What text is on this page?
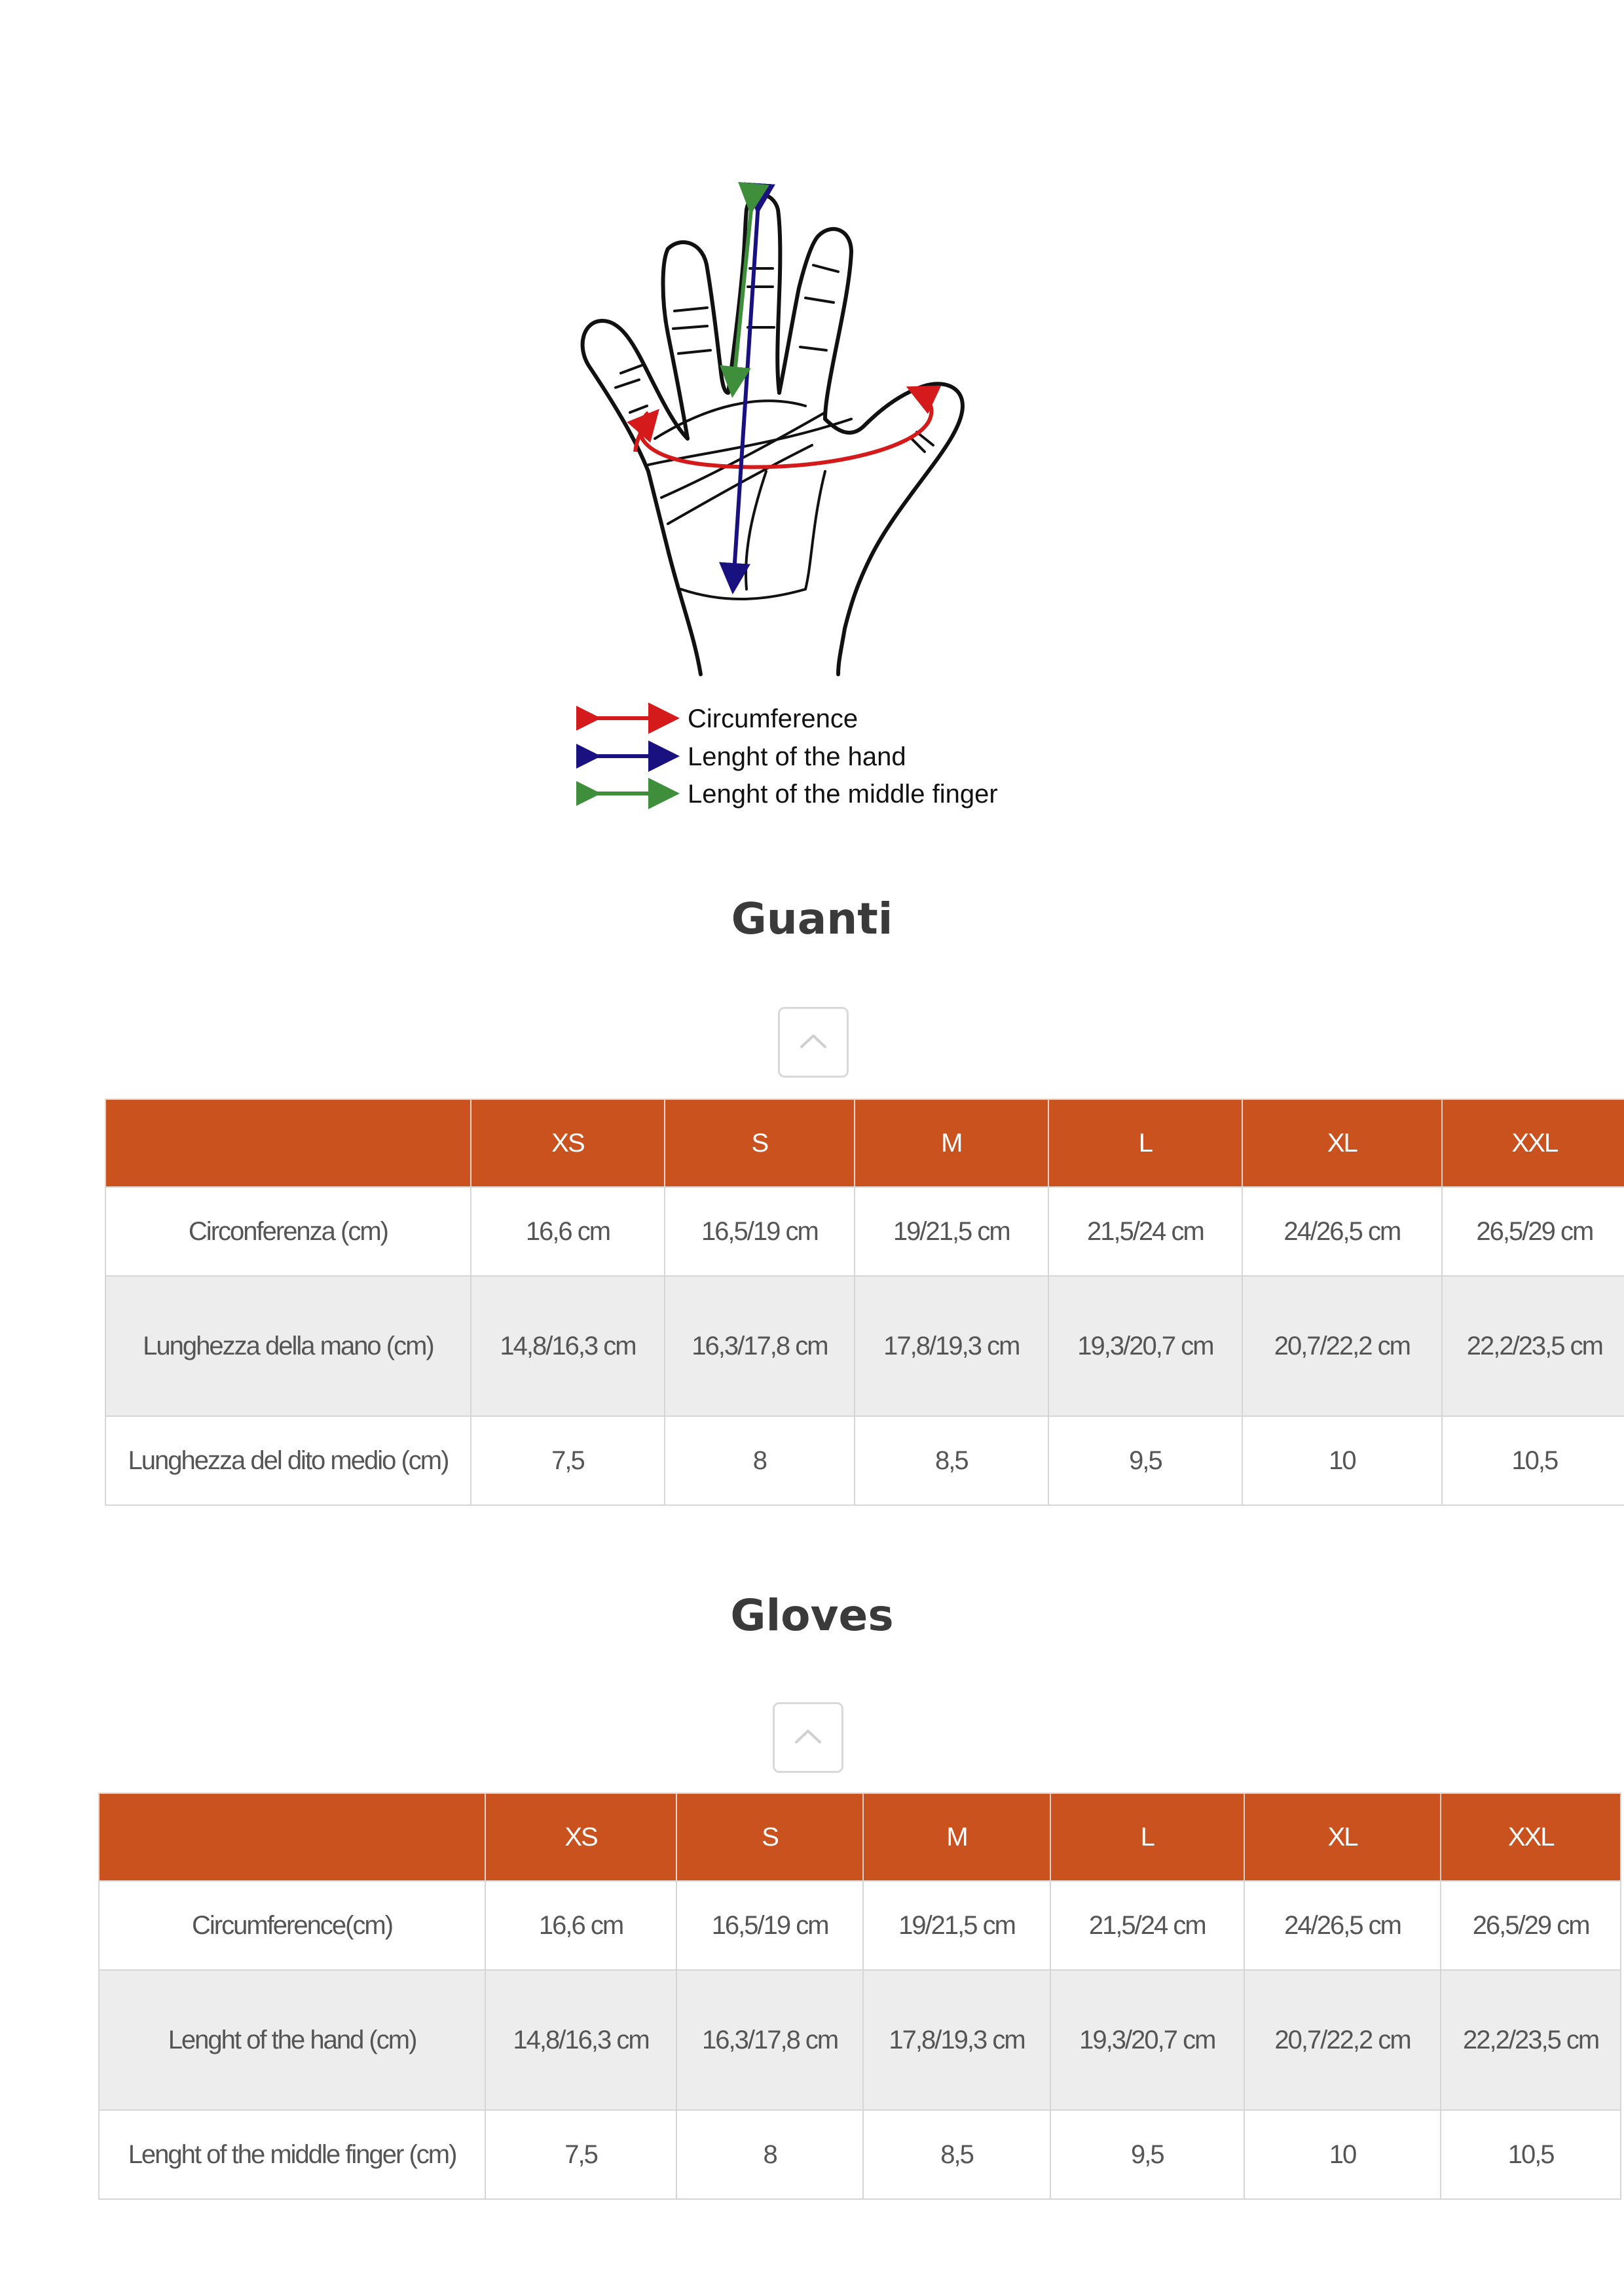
Circumference
Lenght of the hand
Lenght of the middle finger
Guanti
	XS	S	M	L	XL	XXL
Circonferenza (cm)	16,6 cm	16,5/19 cm	19/21,5 cm	21,5/24 cm	24/26,5 cm	26,5/29 cm
Lunghezza della mano (cm)	14,8/16,3 cm	16,3/17,8 cm	17,8/19,3 cm	19,3/20,7 cm	20,7/22,2 cm	22,2/23,5 cm
Lunghezza del dito medio (cm)	7,5	8	8,5	9,5	10	10,5
Gloves
	XS	S	M	L	XL	XXL
Circumference(cm)	16,6 cm	16,5/19 cm	19/21,5 cm	21,5/24 cm	24/26,5 cm	26,5/29 cm
Lenght of the hand (cm)	14,8/16,3 cm	16,3/17,8 cm	17,8/19,3 cm	19,3/20,7 cm	20,7/22,2 cm	22,2/23,5 cm
Lenght of the middle finger (cm)	7,5	8	8,5	9,5	10	10,5
